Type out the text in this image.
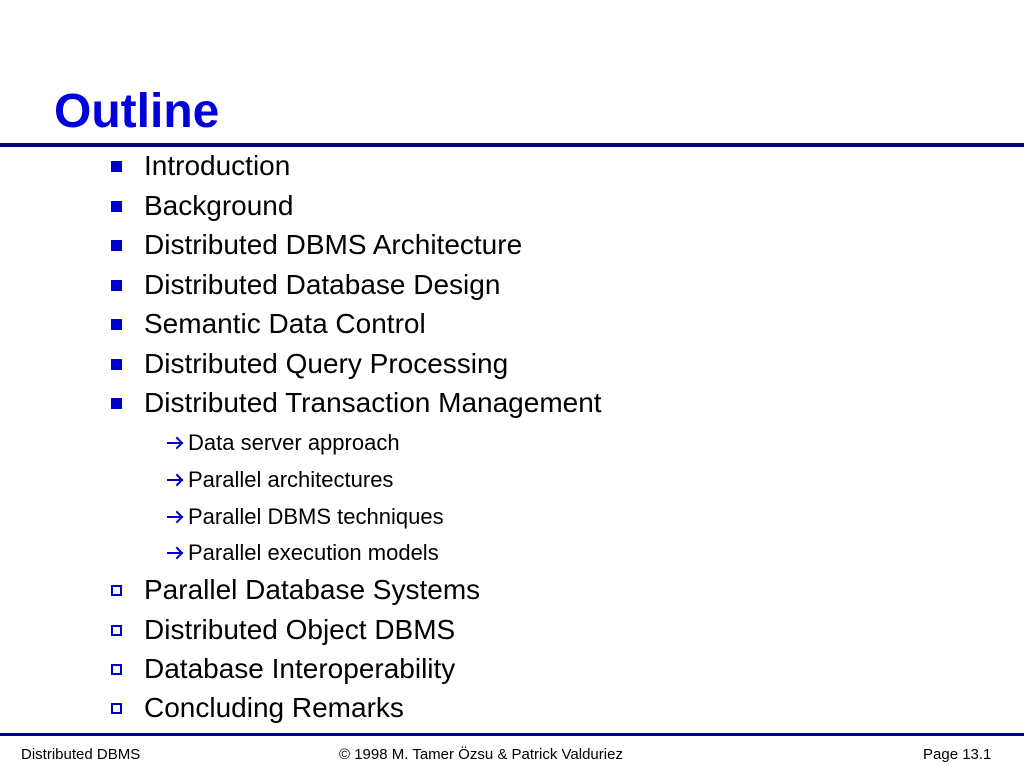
Outline
Introduction
Background
Distributed DBMS Architecture
Distributed Database Design
Semantic Data Control
Distributed Query Processing
Distributed Transaction Management
Data server approach
Parallel architectures
Parallel DBMS techniques
Parallel execution models
Parallel Database Systems
Distributed Object DBMS
Database Interoperability
Concluding Remarks
Distributed DBMS	© 1998 M. Tamer Özsu & Patrick Valduriez	Page 13.1
